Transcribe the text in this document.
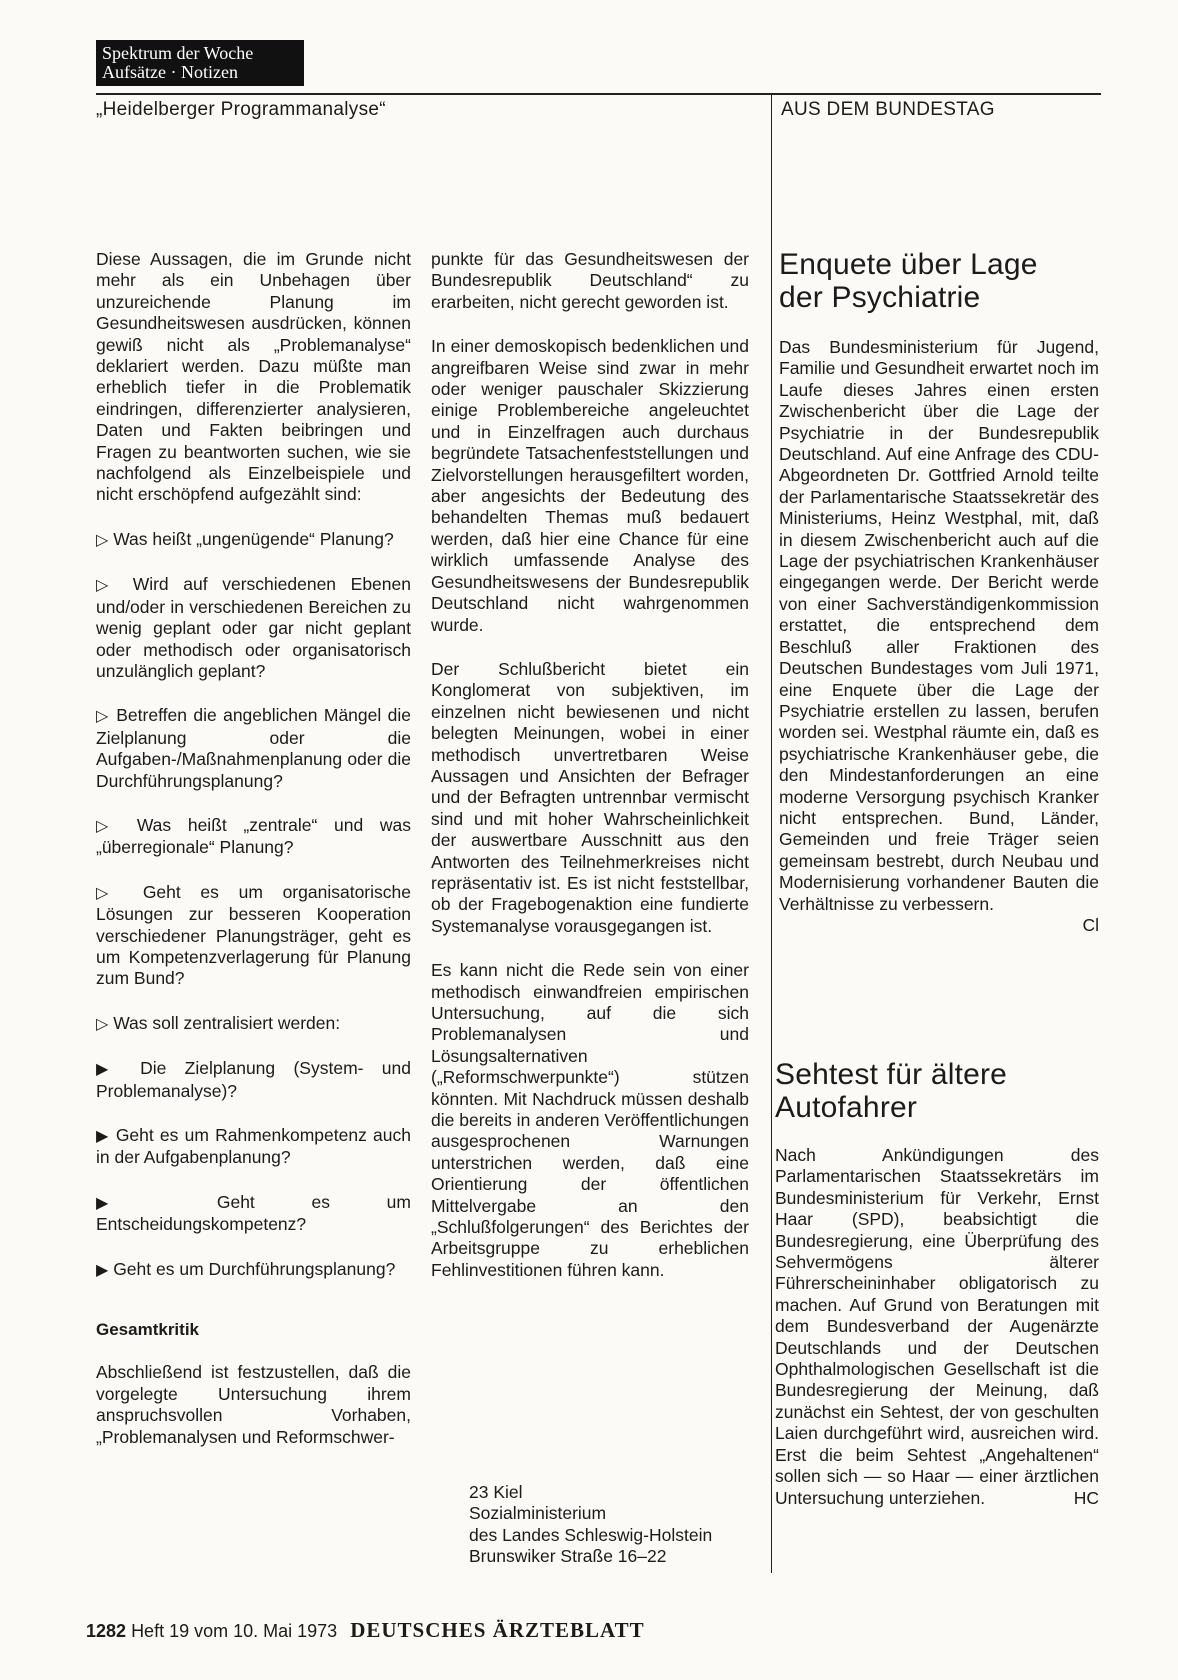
Spektrum der Woche
Aufsätze · Notizen
„Heidelberger Programmanalyse“	AUS DEM BUNDESTAG

Diese Aussagen, die im Grunde nicht mehr als ein Unbehagen über unzureichende Planung im Gesundheitswesen ausdrücken, können gewiß nicht als „Problemanalyse“ deklariert werden. Dazu müßte man erheblich tiefer in die Problematik eindringen, differenzierter analysieren, Daten und Fakten beibringen und Fragen zu beantworten suchen, wie sie nachfolgend als Einzelbeispiele und nicht erschöpfend aufgezählt sind:

▷ Was heißt „ungenügende“ Planung?

▷ Wird auf verschiedenen Ebenen und/oder in verschiedenen Bereichen zu wenig geplant oder gar nicht geplant oder methodisch oder organisatorisch unzulänglich geplant?

▷ Betreffen die angeblichen Mängel die Zielplanung oder die Aufgaben-/Maßnahmenplanung oder die Durchführungsplanung?

▷ Was heißt „zentrale“ und was „überregionale“ Planung?

▷ Geht es um organisatorische Lösungen zur besseren Kooperation verschiedener Planungsträger, geht es um Kompetenzverlagerung für Planung zum Bund?

▷ Was soll zentralisiert werden:

▶ Die Zielplanung (System- und Problemanalyse)?

▶ Geht es um Rahmenkompetenz auch in der Aufgabenplanung?

▶	Geht es um Entscheidungskompetenz?

▶ Geht es um Durchführungsplanung?

Gesamtkritik

Abschließend ist festzustellen, daß die vorgelegte Untersuchung ihrem anspruchsvollen Vorhaben, „Problemanalysen und Reformschwer-

punkte für das Gesundheitswesen der Bundesrepublik Deutschland“ zu erarbeiten, nicht gerecht geworden ist.

In einer demoskopisch bedenklichen und angreifbaren Weise sind zwar in mehr oder weniger pauschaler Skizzierung einige Problembereiche angeleuchtet und in Einzelfragen auch durchaus begründete Tatsachenfeststellungen und Zielvorstellungen herausgefiltert worden, aber angesichts der Bedeutung des behandelten Themas muß bedauert werden, daß hier eine Chance für eine wirklich umfassende Analyse des Gesundheitswesens der Bundesrepublik Deutschland nicht wahrgenommen wurde.

Der Schlußbericht bietet ein Konglomerat von subjektiven, im einzelnen nicht bewiesenen und nicht belegten Meinungen, wobei in einer methodisch unvertretbaren Weise Aussagen und Ansichten der Befrager und der Befragten untrennbar vermischt sind und mit hoher Wahrscheinlichkeit der auswertbare Ausschnitt aus den Antworten des Teilnehmerkreises nicht repräsentativ ist. Es ist nicht feststellbar, ob der Fragebogenaktion eine fundierte Systemanalyse vorausgegangen ist.

Es kann nicht die Rede sein von einer methodisch einwandfreien empirischen Untersuchung, auf die sich Problemanalysen und Lösungsalternativen („Reformschwerpunkte“) stützen könnten. Mit Nachdruck müssen deshalb die bereits in anderen Veröffentlichungen ausgesprochenen Warnungen unterstrichen werden, daß eine Orientierung der öffentlichen Mittelvergabe an den „Schlußfolgerungen“ des Berichtes der Arbeitsgruppe zu erheblichen Fehlinvestitionen führen kann.

23 Kiel
Sozialministerium
des Landes Schleswig-Holstein
Brunswiker Straße 16–22
Enquete über Lage der Psychiatrie
Das Bundesministerium für Jugend, Familie und Gesundheit erwartet noch im Laufe dieses Jahres einen ersten Zwischenbericht über die Lage der Psychiatrie in der Bundesrepublik Deutschland. Auf eine Anfrage des CDU-Abgeordneten Dr. Gottfried Arnold teilte der Parlamentarische Staatssekretär des Ministeriums, Heinz Westphal, mit, daß in diesem Zwischenbericht auch auf die Lage der psychiatrischen Krankenhäuser eingegangen werde. Der Bericht werde von einer Sachverständigenkommission erstattet, die entsprechend dem Beschluß aller Fraktionen des Deutschen Bundestages vom Juli 1971, eine Enquete über die Lage der Psychiatrie erstellen zu lassen, berufen worden sei. Westphal räumte ein, daß es psychiatrische Krankenhäuser gebe, die den Mindestanforderungen an eine moderne Versorgung psychisch Kranker nicht entsprechen. Bund, Länder, Gemeinden und freie Träger seien gemeinsam bestrebt, durch Neubau und Modernisierung vorhandener Bauten die Verhältnisse zu verbessern.
Cl
Sehtest für ältere Autofahrer
Nach Ankündigungen des Parlamentarischen Staatssekretärs im Bundesministerium für Verkehr, Ernst Haar (SPD), beabsichtigt die Bundesregierung, eine Überprüfung des Sehvermögens älterer Führerscheininhaber obligatorisch zu machen. Auf Grund von Beratungen mit dem Bundesverband der Augenärzte Deutschlands und der Deutschen Ophthalmologischen Gesellschaft ist die Bundesregierung der Meinung, daß zunächst ein Sehtest, der von geschulten Laien durchgeführt wird, ausreichen wird. Erst die beim Sehtest „Angehaltenen“ sollen sich — so Haar — einer ärztlichen Untersuchung unterziehen.	HC
1282 Heft 19 vom 10. Mai 1973 DEUTSCHES ÄRZTEBLATT
